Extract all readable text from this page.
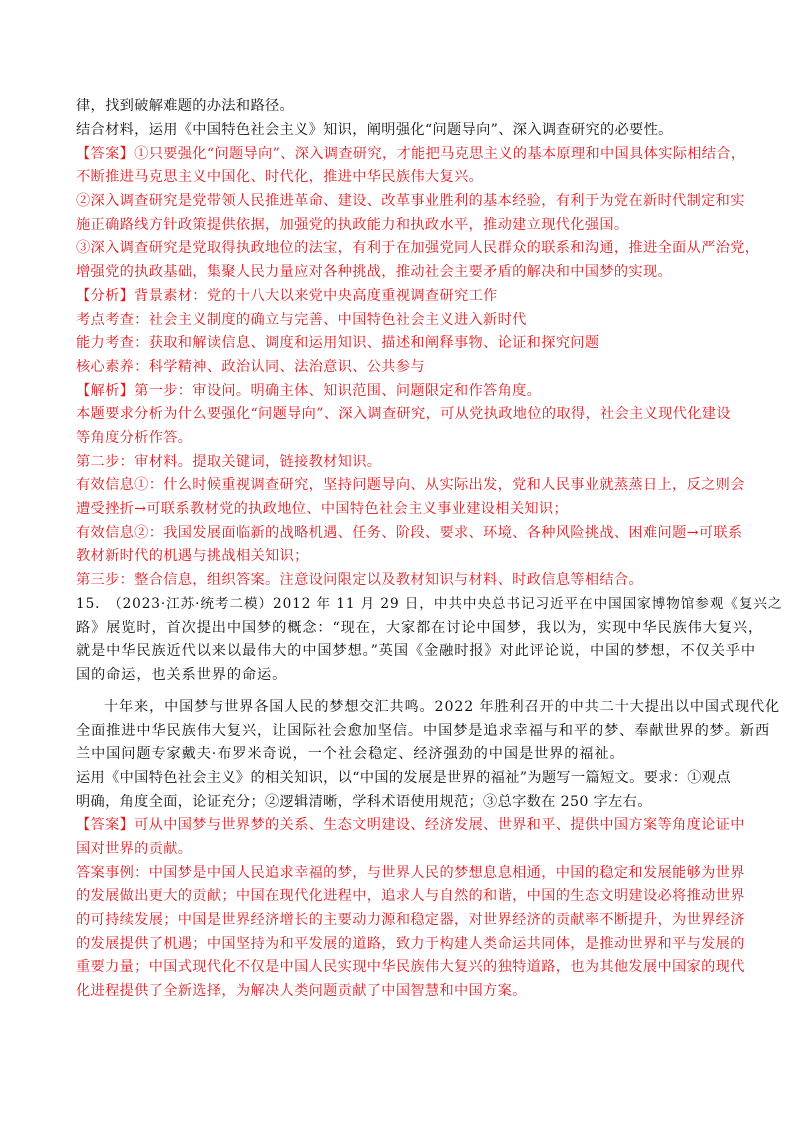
律，找到破解难题的办法和路径。
结合材料，运用《中国特色社会主义》知识，阐明强化“问题导向”、深入调查研究的必要性。
【答案】①只要强化“问题导向”、深入调查研究，才能把马克思主义的基本原理和中国具体实际相结合，
不断推进马克思主义中国化、时代化，推进中华民族伟大复兴。
②深入调查研究是党带领人民推进革命、建设、改革事业胜利的基本经验，有利于为党在新时代制定和实
施正确路线方针政策提供依据，加强党的执政能力和执政水平，推动建立现代化强国。
③深入调查研究是党取得执政地位的法宝，有利于在加强党同人民群众的联系和沟通，推进全面从严治党，
增强党的执政基础，集聚人民力量应对各种挑战，推动社会主要矛盾的解决和中国梦的实现。
【分析】背景素材：党的十八大以来党中央高度重视调查研究工作
考点考查：社会主义制度的确立与完善、中国特色社会主义进入新时代
能力考查：获取和解读信息、调度和运用知识、描述和阐释事物、论证和探究问题
核心素养：科学精神、政治认同、法治意识、公共参与
【解析】第一步：审设问。明确主体、知识范围、问题限定和作答角度。
本题要求分析为什么要强化“问题导向”、深入调查研究，可从党执政地位的取得，社会主义现代化建设
等角度分析作答。
第二步：审材料。提取关键词，链接教材知识。
有效信息①：什么时候重视调查研究，坚持问题导向、从实际出发，党和人民事业就蒸蒸日上，反之则会
遭受挫折→可联系教材党的执政地位、中国特色社会主义事业建设相关知识；
有效信息②：我国发展面临新的战略机遇、任务、阶段、要求、环境、各种风险挑战、困难问题→可联系
教材新时代的机遇与挑战相关知识；
第三步：整合信息，组织答案。注意设问限定以及教材知识与材料、时政信息等相结合。
15.　（2023·江苏·统考二模）2012 年 11 月 29 日，中共中央总书记习近平在中国国家博物馆参观《复兴之
路》展览时，首次提出中国梦的概念：“现在，大家都在讨论中国梦，我以为，实现中华民族伟大复兴，
就是中华民族近代以来以最伟大的中国梦想。”英国《金融时报》对此评论说，中国的梦想，不仅关乎中
国的命运，也关系世界的命运。
十年来，中国梦与世界各国人民的梦想交汇共鸣。2022 年胜利召开的中共二十大提出以中国式现代化
全面推进中华民族伟大复兴，让国际社会愈加坚信。中国梦是追求幸福与和平的梦、奉献世界的梦。新西
兰中国问题专家戴夫·布罗米奇说，一个社会稳定、经济强劲的中国是世界的福祉。
运用《中国特色社会主义》的相关知识，以“中国的发展是世界的福祉”为题写一篇短文。要求：①观点
明确，角度全面，论证充分；②逻辑清晰，学科术语使用规范；③总字数在 250 字左右。
【答案】可从中国梦与世界梦的关系、生态文明建设、经济发展、世界和平、提供中国方案等角度论证中
国对世界的贡献。
答案事例：中国梦是中国人民追求幸福的梦，与世界人民的梦想息息相通，中国的稳定和发展能够为世界
的发展做出更大的贡献；中国在现代化进程中，追求人与自然的和谐，中国的生态文明建设必将推动世界
的可持续发展；中国是世界经济增长的主要动力源和稳定器，对世界经济的贡献率不断提升，为世界经济
的发展提供了机遇；中国坚持为和平发展的道路，致力于构建人类命运共同体，是推动世界和平与发展的
重要力量；中国式现代化不仅是中国人民实现中华民族伟大复兴的独特道路，也为其他发展中国家的现代
化进程提供了全新选择，为解决人类问题贡献了中国智慧和中国方案。
